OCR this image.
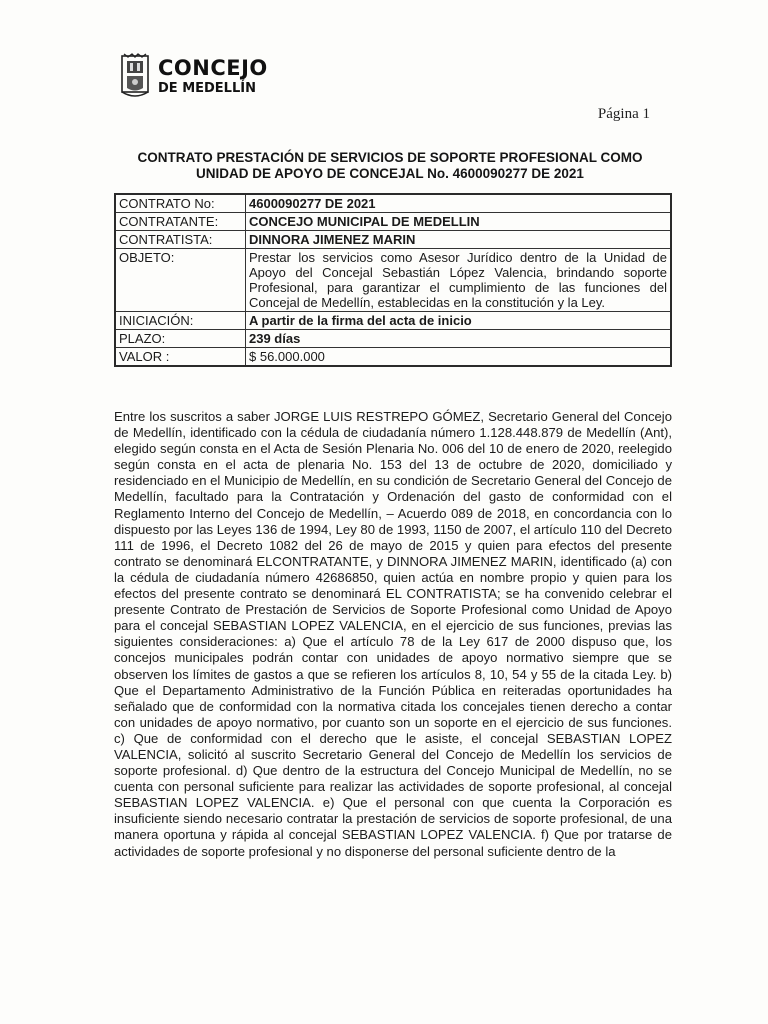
CONCEJO
DE MEDELLÍN
Página 1
CONTRATO PRESTACIÓN DE SERVICIOS DE SOPORTE PROFESIONAL COMO
UNIDAD DE APOYO DE CONCEJAL No. 4600090277 DE 2021
CONTRATO No:	4600090277 DE 2021
CONTRATANTE:	CONCEJO MUNICIPAL DE MEDELLIN
CONTRATISTA:	DINNORA JIMENEZ MARIN
OBJETO:	Prestar los servicios como Asesor Jurídico dentro de la Unidad de Apoyo del Concejal Sebastián López Valencia, brindando soporte Profesional, para garantizar el cumplimiento de las funciones del Concejal de Medellín, establecidas en la constitución y la Ley.
INICIACIÓN:	A partir de la firma del acta de inicio
PLAZO:	239 días
VALOR :	$ 56.000.000
Entre los suscritos a saber JORGE LUIS RESTREPO GÓMEZ, Secretario General del Concejo de Medellín, identificado con la cédula de ciudadanía número 1.128.448.879 de Medellín (Ant), elegido según consta en el Acta de Sesión Plenaria No. 006 del 10 de enero de 2020, reelegido según consta en el acta de plenaria No. 153 del 13 de octubre de 2020, domiciliado y residenciado en el Municipio de Medellín, en su condición de Secretario General del Concejo de Medellín, facultado para la Contratación y Ordenación del gasto de conformidad con el Reglamento Interno del Concejo de Medellín, – Acuerdo 089 de 2018, en concordancia con lo dispuesto por las Leyes 136 de 1994, Ley 80 de 1993, 1150 de 2007, el artículo 110 del Decreto 111 de 1996, el Decreto 1082 del 26 de mayo de 2015 y quien para efectos del presente contrato se denominará ELCONTRATANTE, y DINNORA JIMENEZ MARIN, identificado (a) con la cédula de ciudadanía número 42686850, quien actúa en nombre propio y quien para los efectos del presente contrato se denominará EL CONTRATISTA; se ha convenido celebrar el presente Contrato de Prestación de Servicios de Soporte Profesional como Unidad de Apoyo para el concejal SEBASTIAN LOPEZ VALENCIA, en el ejercicio de sus funciones, previas las siguientes consideraciones: a) Que el artículo 78 de la Ley 617 de 2000 dispuso que, los concejos municipales podrán contar con unidades de apoyo normativo siempre que se observen los límites de gastos a que se refieren los artículos 8, 10, 54 y 55 de la citada Ley. b) Que el Departamento Administrativo de la Función Pública en reiteradas oportunidades ha señalado que de conformidad con la normativa citada los concejales tienen derecho a contar con unidades de apoyo normativo, por cuanto son un soporte en el ejercicio de sus funciones. c) Que de conformidad con el derecho que le asiste, el concejal SEBASTIAN LOPEZ VALENCIA, solicitó al suscrito Secretario General del Concejo de Medellín los servicios de soporte profesional. d) Que dentro de la estructura del Concejo Municipal de Medellín, no se cuenta con personal suficiente para realizar las actividades de soporte profesional, al concejal SEBASTIAN LOPEZ VALENCIA. e) Que el personal con que cuenta la Corporación es insuficiente siendo necesario contratar la prestación de servicios de soporte profesional, de una manera oportuna y rápida al concejal SEBASTIAN LOPEZ VALENCIA. f) Que por tratarse de actividades de soporte profesional y no disponerse del personal suficiente dentro de la
